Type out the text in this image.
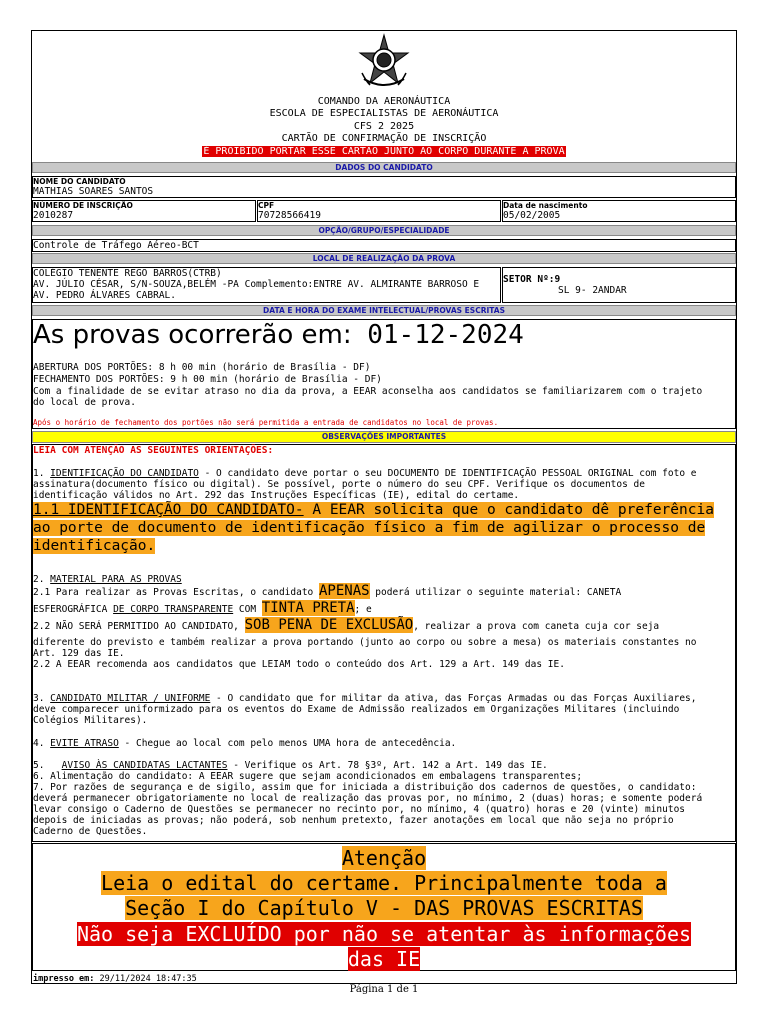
COMANDO DA AERONÁUTICA
ESCOLA DE ESPECIALISTAS DE AERONÁUTICA
CFS 2 2025
CARTÃO DE CONFIRMAÇÃO DE INSCRIÇÃO
É PROIBIDO PORTAR ESSE CARTÃO JUNTO AO CORPO DURANTE A PROVA
DADOS DO CANDIDATO
NOME DO CANDIDATO
MATHIAS SOARES SANTOS
NÚMERO DE INSCRIÇÃO
2010287
CPF
70728566419
Data de nascimento
05/02/2005
OPÇÃO/GRUPO/ESPECIALIDADE
Controle de Tráfego Aéreo-BCT
LOCAL DE REALIZAÇÃO DA PROVA
COLÉGIO TENENTE REGO BARROS(CTRB)
AV. JÚLIO CÉSAR, S/N-SOUZA,BELÉM -PA Complemento:ENTRE AV. ALMIRANTE BARROSO E
AV. PEDRO ÁLVARES CABRAL.
SETOR Nº:9
SL 9- 2ANDAR
DATA E HORA DO EXAME INTELECTUAL/PROVAS ESCRITAS
As provas ocorrerão em: 01-12-2024
ABERTURA DOS PORTÕES: 8 h 00 min (horário de Brasília - DF)
FECHAMENTO DOS PORTÕES: 9 h 00 min (horário de Brasília - DF)
Com a finalidade de se evitar atraso no dia da prova, a EEAR aconselha aos candidatos se familiarizarem com o trajeto
do local de prova.
Após o horário de fechamento dos portões não será permitida a entrada de candidatos no local de provas.
OBSERVAÇÕES IMPORTANTES
LEIA COM ATENÇÃO AS SEGUINTES ORIENTAÇÕES:
1. IDENTIFICAÇÃO DO CANDIDATO - O candidato deve portar o seu DOCUMENTO DE IDENTIFICAÇÃO PESSOAL ORIGINAL com foto e
assinatura(documento físico ou digital). Se possível, porte o número do seu CPF. Verifique os documentos de
identificação válidos no Art. 292 das Instruções Específicas (IE), edital do certame.
1.1 IDENTIFICAÇÃO DO CANDIDATO- A EEAR solicita que o candidato dê preferência
ao porte de documento de identificação físico a fim de agilizar o processo de
identificação.
2. MATERIAL PARA AS PROVAS
2.1 Para realizar as Provas Escritas, o candidato APENAS poderá utilizar o seguinte material: CANETA
ESFEROGRÁFICA DE CORPO TRANSPARENTE COM TINTA PRETA; e
2.2 NÃO SERÁ PERMITIDO AO CANDIDATO, SOB PENA DE EXCLUSÃO, realizar a prova com caneta cuja cor seja
diferente do previsto e também realizar a prova portando (junto ao corpo ou sobre a mesa) os materiais constantes no
Art. 129 das IE.
2.2 A EEAR recomenda aos candidatos que LEIAM todo o conteúdo dos Art. 129 a Art. 149 das IE.
3. CANDIDATO MILITAR / UNIFORME - O candidato que for militar da ativa, das Forças Armadas ou das Forças Auxiliares,
deve comparecer uniformizado para os eventos do Exame de Admissão realizados em Organizações Militares (incluindo
Colégios Militares).
4. EVITE ATRASO - Chegue ao local com pelo menos UMA hora de antecedência.
5.   AVISO ÀS CANDIDATAS LACTANTES - Verifique os Art. 78 §3º, Art. 142 a Art. 149 das IE.
6. Alimentação do candidato: A EEAR sugere que sejam acondicionados em embalagens transparentes;
7. Por razões de segurança e de sigilo, assim que for iniciada a distribuição dos cadernos de questões, o candidato:
deverá permanecer obrigatoriamente no local de realização das provas por, no mínimo, 2 (duas) horas; e somente poderá
levar consigo o Caderno de Questões se permanecer no recinto por, no mínimo, 4 (quatro) horas e 20 (vinte) minutos
depois de iniciadas as provas; não poderá, sob nenhum pretexto, fazer anotações em local que não seja no próprio
Caderno de Questões.
Atenção
Leia o edital do certame. Principalmente toda a
Seção I do Capítulo V - DAS PROVAS ESCRITAS
Não seja EXCLUÍDO por não se atentar às informações
das IE
impresso em: 29/11/2024 18:47:35
Página 1 de 1
